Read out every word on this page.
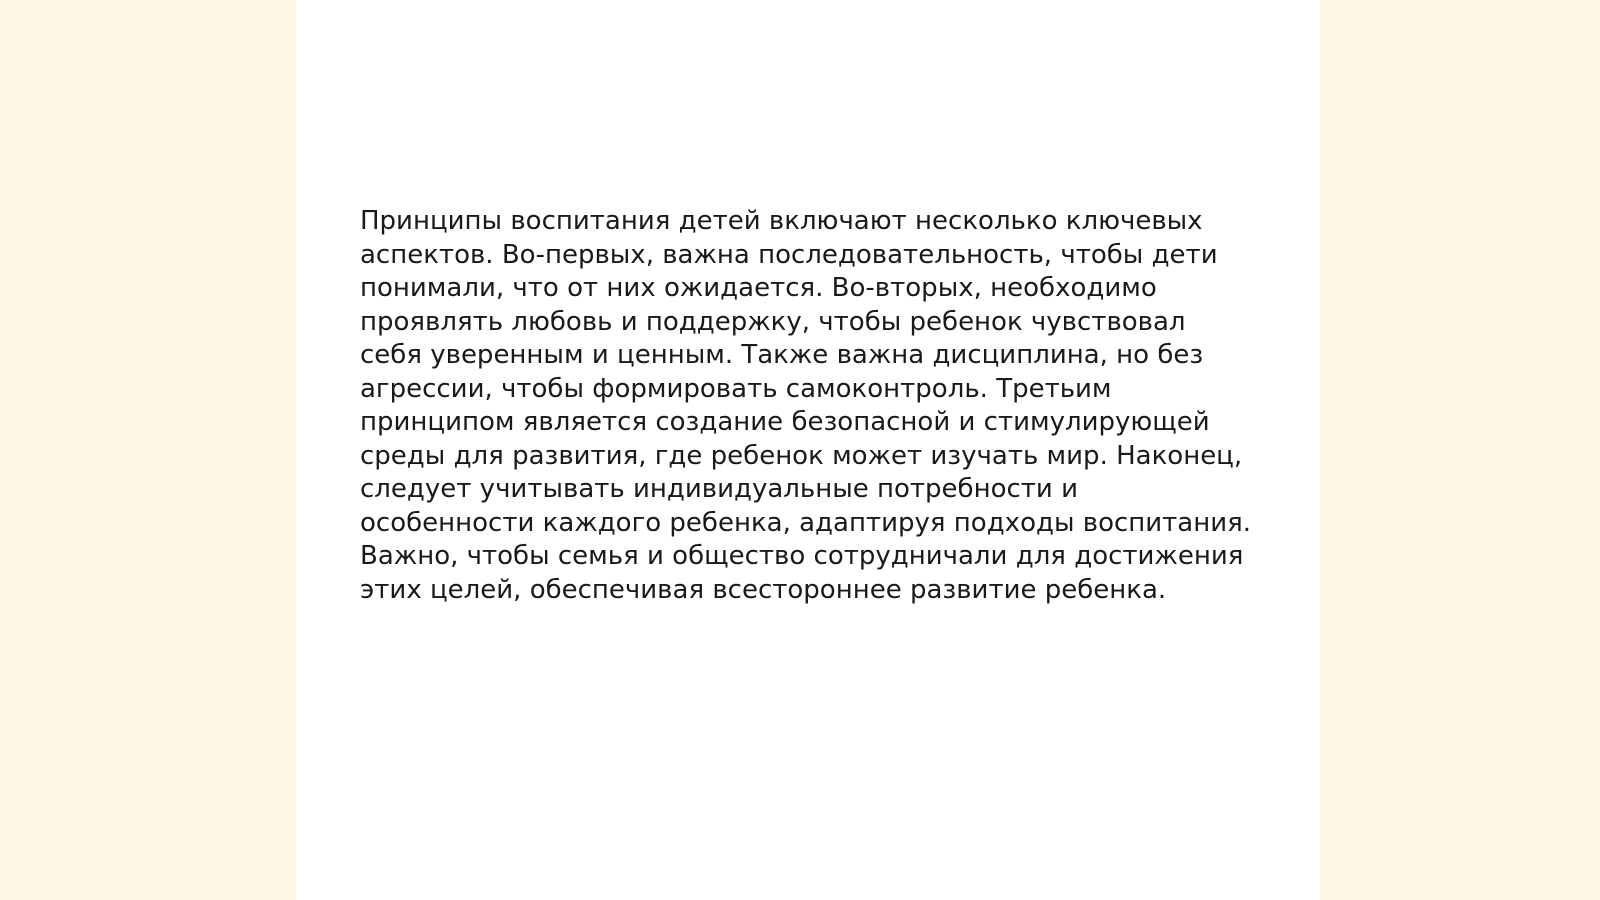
Принципы воспитания детей включают несколько ключевых
аспектов. Во-первых, важна последовательность, чтобы дети
понимали, что от них ожидается. Во-вторых, необходимо
проявлять любовь и поддержку, чтобы ребенок чувствовал
себя уверенным и ценным. Также важна дисциплина, но без
агрессии, чтобы формировать самоконтроль. Третьим
принципом является создание безопасной и стимулирующей
среды для развития, где ребенок может изучать мир. Наконец,
следует учитывать индивидуальные потребности и
особенности каждого ребенка, адаптируя подходы воспитания.
Важно, чтобы семья и общество сотрудничали для достижения
этих целей, обеспечивая всестороннее развитие ребенка.
